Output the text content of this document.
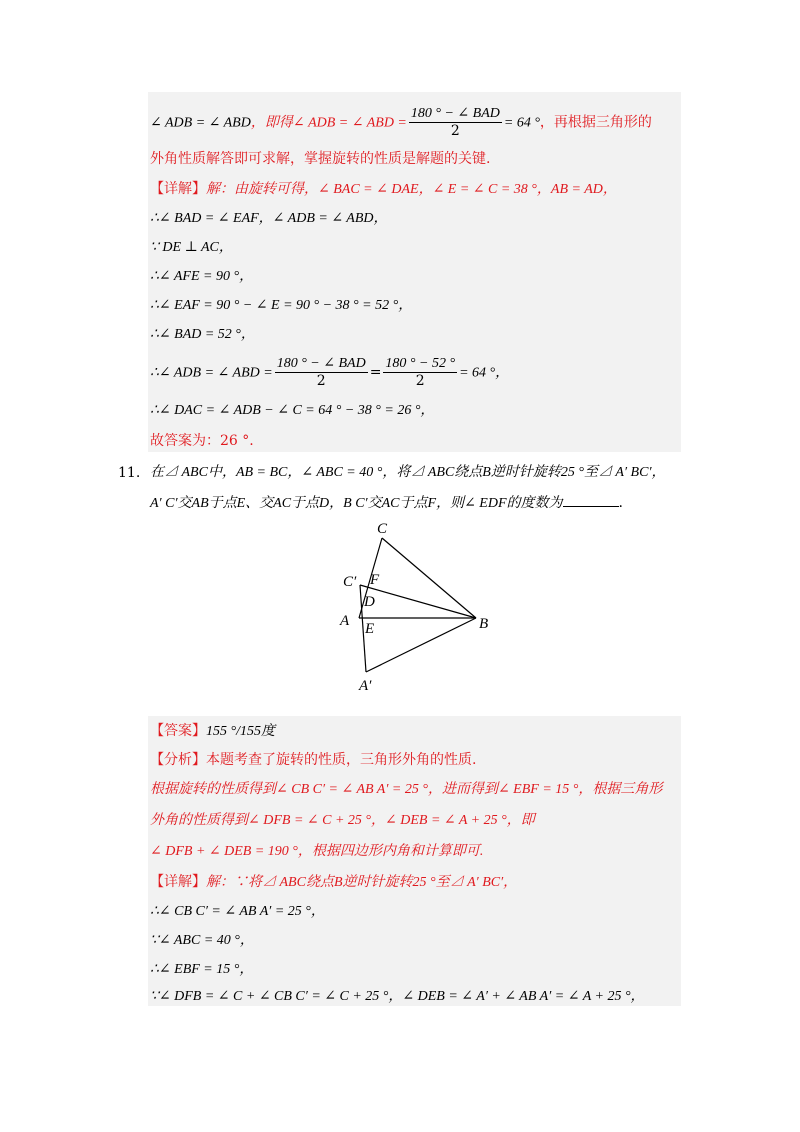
∠ ADB = ∠ ABD，即得∠ ADB = ∠ ABD = $\frac{\text{180 ° − ∠ BAD}}{2} = 64$ °，再根据三角形的
外角性质解答即可求解，掌握旋转的性质是解题的关键.
【详解】解：由旋转可得，∠ BAC = ∠ DAE，∠ E = ∠ C = 38 °，AB = AD，
∴∠ BAD = ∠ EAF，∠ ADB = ∠ ABD，
∵ DE ⊥ AC，
∴∠ AFE = 90 °，
∴∠ EAF = 90 ° − ∠ E = 90 ° − 38 ° = 52 °，
∴∠ BAD = 52 °，
∴∠ ADB = ∠ ABD = $\frac{\text{180 ° − ∠ BAD}}{2} = \frac{180 ^\circ - 52 ^\circ}{2} = 64$ °，
∴∠ DAC = ∠ ADB − ∠ C = 64 ° − 38 ° = 26 °，
故答案为：26 °.
11. 在⊿ ABC中，AB = BC，∠ ABC = 40 °，将⊿ ABC绕点B逆时针旋转25 °至⊿ A′ BC′，
A′ C′交AB于点E、交AC于点D，B C′交AC于点F，则∠ EDF的度数为	.
C
C′ F
D
A E	B
A′
【答案】155 °/155度
【分析】本题考查了旋转的性质，三角形外角的性质.
根据旋转的性质得到∠ CB C′ = ∠ AB A′ = 25 °，进而得到∠ EBF = 15 °，根据三角形
外角的性质得到∠ DFB = ∠ C + 25 °，∠ DEB = ∠ A + 25 °，即
∠ DFB + ∠ DEB = 190 °，根据四边形内角和计算即可.
【详解】解：∵将⊿ ABC绕点B逆时针旋转25 °至⊿ A′ BC′，
∴∠ CB C′ = ∠ AB A′ = 25 °，
∵∠ ABC = 40 °，
∴∠ EBF = 15 °，
∵∠ DFB = ∠ C + ∠ CB C′ = ∠ C + 25 °，∠ DEB = ∠ A′ + ∠ AB A′ = ∠ A + 25 °，
